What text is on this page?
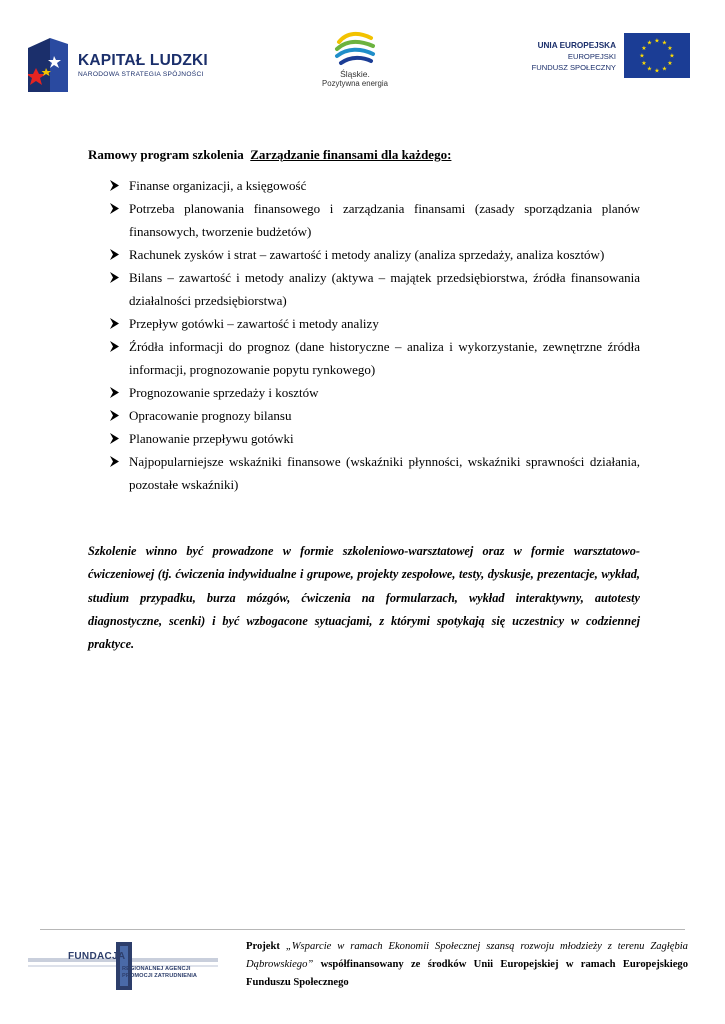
KAPITAŁ LUDZKI
NARODOWA STRATEGIA SPÓJNOŚCI	Śląskie.
Pozytywna energia
UNIA EUROPEJSKA
EUROPEJSKI
FUNDUSZ SPOŁECZNY
★ ★
★
★
★
★
★
★
★
★
★
★

Ramowy program szkolenia Zarządzanie finansami dla każdego:

Finanse organizacji, a księgowość
Potrzeba planowania finansowego i zarządzania finansami (zasady sporządzania planów finansowych, tworzenie budżetów)
Rachunek zysków i strat – zawartość i metody analizy (analiza sprzedaży, analiza kosztów)
Bilans – zawartość i metody analizy (aktywa – majątek przedsiębiorstwa, źródła finansowania działalności przedsiębiorstwa)
Przepływ gotówki – zawartość i metody analizy
Źródła informacji do prognoz (dane historyczne – analiza i wykorzystanie, zewnętrzne źródła informacji, prognozowanie popytu rynkowego)
Prognozowanie sprzedaży i kosztów
Opracowanie prognozy bilansu
Planowanie przepływu gotówki
Najpopularniejsze wskaźniki finansowe (wskaźniki płynności, wskaźniki sprawności działania, pozostałe wskaźniki)

Szkolenie winno być prowadzone w formie szkoleniowo-warsztatowej oraz w formie warsztatowo-ćwiczeniowej (tj. ćwiczenia indywidualne i grupowe, projekty zespołowe, testy, dyskusje, prezentacje, wykład, studium przypadku, burza mózgów, ćwiczenia na formularzach, wykład interaktywny, autotesty diagnostyczne, scenki) i być wzbogacone sytuacjami, z którymi spotykają się uczestnicy w codziennej praktyce.

FUNDACJA
REGIONALNEJ AGENCJI
PROMOCJI ZATRUDNIENIA
Projekt „Wsparcie w ramach Ekonomii Społecznej szansą rozwoju młodzieży z terenu Zagłębia Dąbrowskiego” współfinansowany ze środków Unii Europejskiej w ramach Europejskiego Funduszu Społecznego
